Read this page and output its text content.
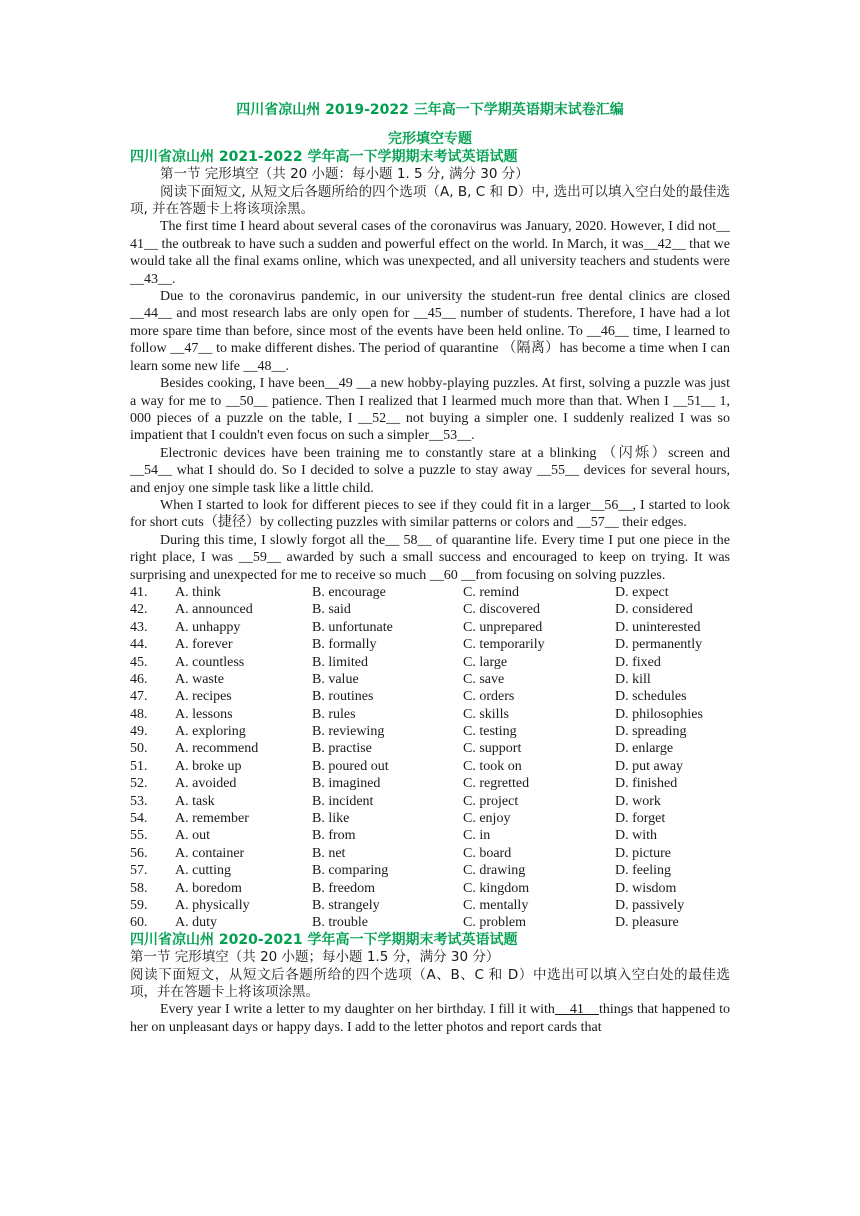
四川省凉山州 2019-2022 三年高一下学期英语期末试卷汇编
完形填空专题
四川省凉山州 2021-2022 学年高一下学期期末考试英语试题

第一节 完形填空（共 20 小题：每小题 1. 5 分, 满分 30 分）

阅读下面短文, 从短文后各题所给的四个选项（A, B, C 和 D）中, 选出可以填入空白处的最佳选项, 并在答题卡上将该项涂黑。

The first time I heard about several cases of the coronavirus was January, 2020. However, I did not__ 41__ the outbreak to have such a sudden and powerful effect on the world. In March, it was__42__ that we would take all the final exams online, which was unexpected, and all university teachers and students were __43__.

Due to the coronavirus pandemic, in our university the student-run free dental clinics are closed __44__ and most research labs are only open for __45__ number of students. Therefore, I have had a lot more spare time than before, since most of the events have been held online. To __46__ time, I learned to follow __47__ to make different dishes. The period of quarantine （隔离）has become a time when I can learn some new life __48__.

Besides cooking, I have been__49 __a new hobby-playing puzzles. At first, solving a puzzle was just a way for me to __50__ patience. Then I realized that I learmed much more than that. When I __51__ 1, 000 pieces of a puzzle on the table, I __52__ not buying a simpler one. I suddenly realized I was so impatient that I couldn't even focus on such a simpler__53__.

Electronic devices have been training me to constantly stare at a blinking （闪烁）screen and __54__ what I should do. So I decided to solve a puzzle to stay away __55__ devices for several hours, and enjoy one simple task like a little child.

When I started to look for different pieces to see if they could fit in a larger__56__, I started to look for short cuts（捷径）by collecting puzzles with similar patterns or colors and __57__ their edges.

During this time, I slowly forgot all the__ 58__ of quarantine life. Every time I put one piece in the right place, I was __59__ awarded by such a small success and encouraged to keep on trying. It was surprising and unexpected for me to receive so much __60 __from focusing on solving puzzles.

41.	A. think	B. encourage	C. remind	D. expect
42.	A. announced	B. said	C. discovered	D. considered
43.	A. unhappy	B. unfortunate	C. unprepared	D. uninterested
44.	A. forever	B. formally	C. temporarily	D. permanently
45.	A. countless	B. limited	C. large	D. fixed
46.	A. waste	B. value	C. save	D. kill
47.	A. recipes	B. routines	C. orders	D. schedules
48.	A. lessons	B. rules	C. skills	D. philosophies
49.	A. exploring	B. reviewing	C. testing	D. spreading
50.	A. recommend	B. practise	C. support	D. enlarge
51.	A. broke up	B. poured out	C. took on	D. put away
52.	A. avoided	B. imagined	C. regretted	D. finished
53.	A. task	B. incident	C. project	D. work
54.	A. remember	B. like	C. enjoy	D. forget
55.	A. out	B. from	C. in	D. with
56.	A. container	B. net	C. board	D. picture
57.	A. cutting	B. comparing	C. drawing	D. feeling
58.	A. boredom	B. freedom	C. kingdom	D. wisdom
59.	A. physically	B. strangely	C. mentally	D. passively
60.	A. duty	B. trouble	C. problem	D. pleasure
四川省凉山州 2020-2021 学年高一下学期期末考试英语试题

第一节 完形填空（共 20 小题；每小题 1.5 分，满分 30 分）

阅读下面短文，从短文后各题所给的四个选项（A、B、C 和 D）中选出可以填入空白处的最佳选项，并在答题卡上将该项涂黑。

Every year I write a letter to my daughter on her birthday. I fill it with    41    things that happened to her on unpleasant days or happy days. I add to the letter photos and report cards that
